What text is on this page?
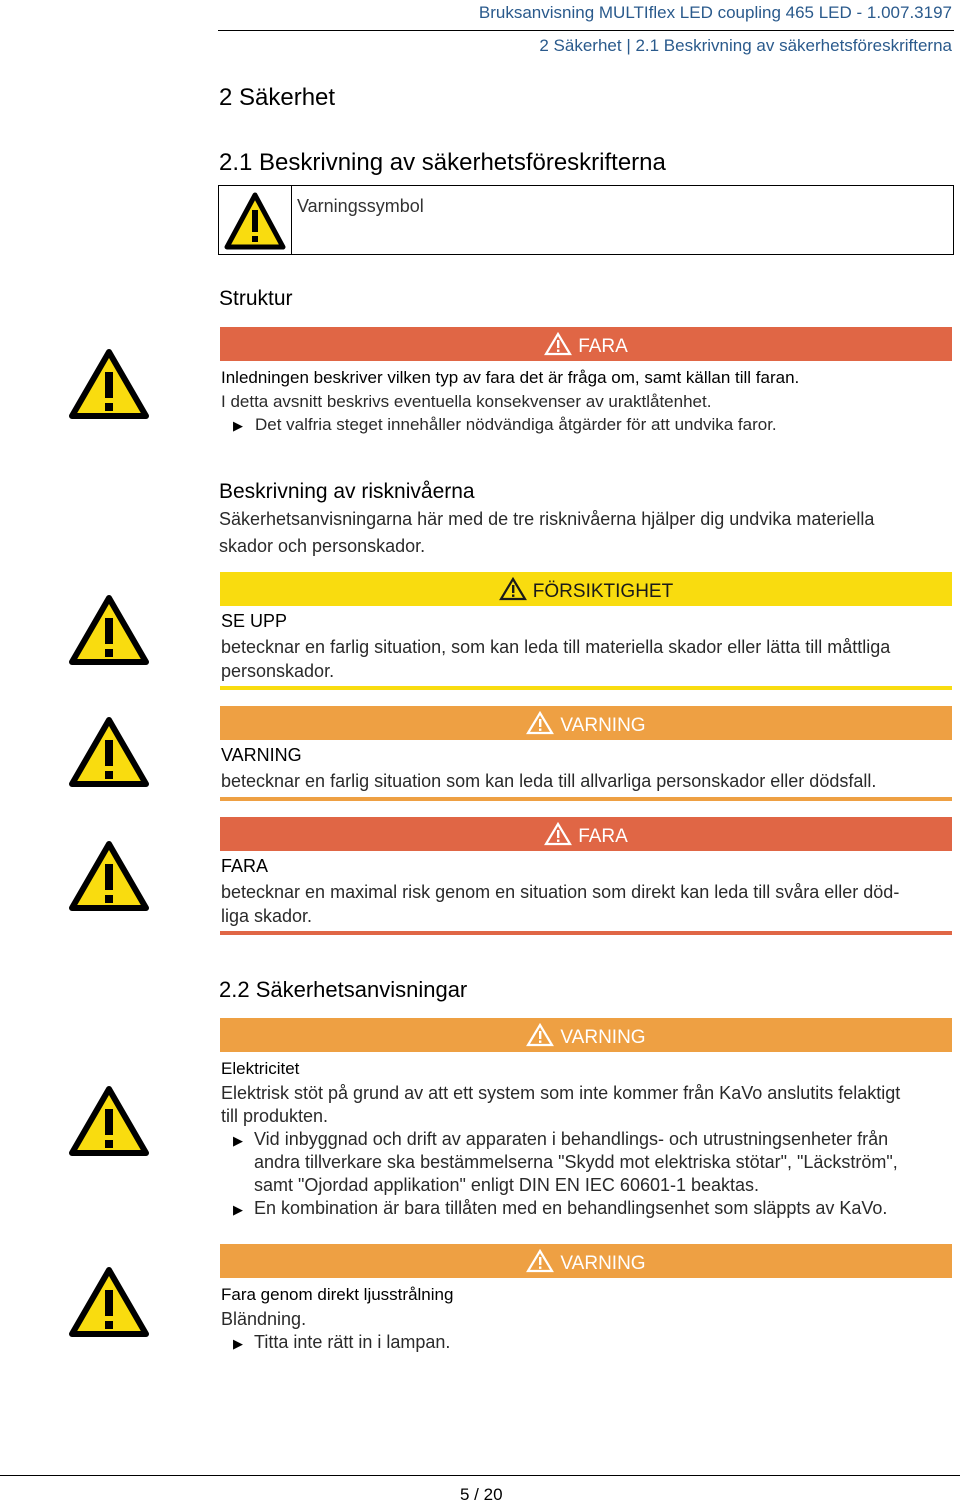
Bruksanvisning MULTIflex LED coupling 465 LED - 1.007.3197
2 Säkerhet | 2.1 Beskrivning av säkerhetsföreskrifterna
2 Säkerhet
2.1 Beskrivning av säkerhetsföreskrifterna
Varningssymbol
Struktur
FARA
Inledningen beskriver vilken typ av fara det är fråga om, samt källan till faran.
I detta avsnitt beskrivs eventuella konsekvenser av uraktlåtenhet.
▶ Det valfria steget innehåller nödvändiga åtgärder för att undvika faror.
Beskrivning av risknivåerna
Säkerhetsanvisningarna här med de tre risknivåerna hjälper dig undvika materiella
skador och personskador.
FÖRSIKTIGHET
SE UPP
betecknar en farlig situation, som kan leda till materiella skador eller lätta till måttliga
personskador.
VARNING
VARNING
betecknar en farlig situation som kan leda till allvarliga personskador eller dödsfall.
FARA
FARA
betecknar en maximal risk genom en situation som direkt kan leda till svåra eller död-
liga skador.
2.2 Säkerhetsanvisningar
VARNING
Elektricitet
Elektrisk stöt på grund av att ett system som inte kommer från KaVo anslutits felaktigt
till produkten.
▶ Vid inbyggnad och drift av apparaten i behandlings- och utrustningsenheter från
andra tillverkare ska bestämmelserna "Skydd mot elektriska stötar", "Läckström",
samt "Ojordad applikation" enligt DIN EN IEC 60601-1 beaktas.
▶ En kombination är bara tillåten med en behandlingsenhet som släppts av KaVo.
VARNING
Fara genom direkt ljusstrålning
Bländning.
▶ Titta inte rätt in i lampan.
5 / 20
